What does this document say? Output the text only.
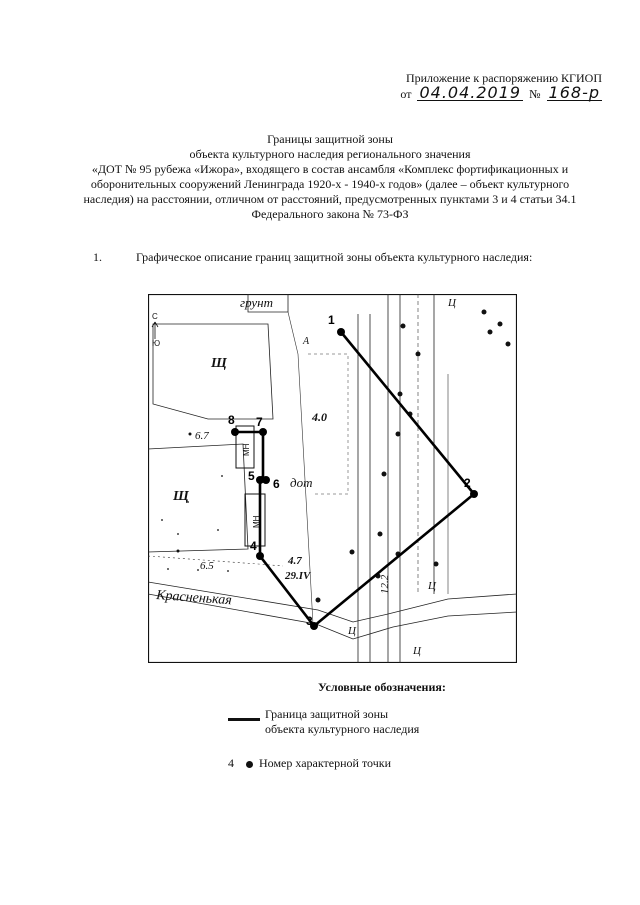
Приложение к распоряжению КГИОП
от 04.04.2019 № 168-р
Границы защитной зоны
объекта культурного наследия регионального значения
«ДОТ № 95 рубежа «Ижора», входящего в состав ансамбля «Комплекс фортификационных и
оборонительных сооружений Ленинграда 1920-х - 1940-х годов» (далее – объект культурного
наследия) на расстоянии, отличном от расстояний, предусмотренных пунктами 3 и 4 статьи 34.1
Федерального закона № 73-ФЗ
1.	Графическое описание границ защитной зоны объекта культурного наследия:
1
2
3
4
5
6
7
8
грунт
Красненькая
дот
Щ
Щ
4.0
6.7
6.5	4.7
29.IV	12.2
Ц
Ц
Ц
Ц
А
МН
МН
С
Ю
Условные обозначения:
Граница защитной зоны
объекта культурного наследия
4 Номер характерной точки
